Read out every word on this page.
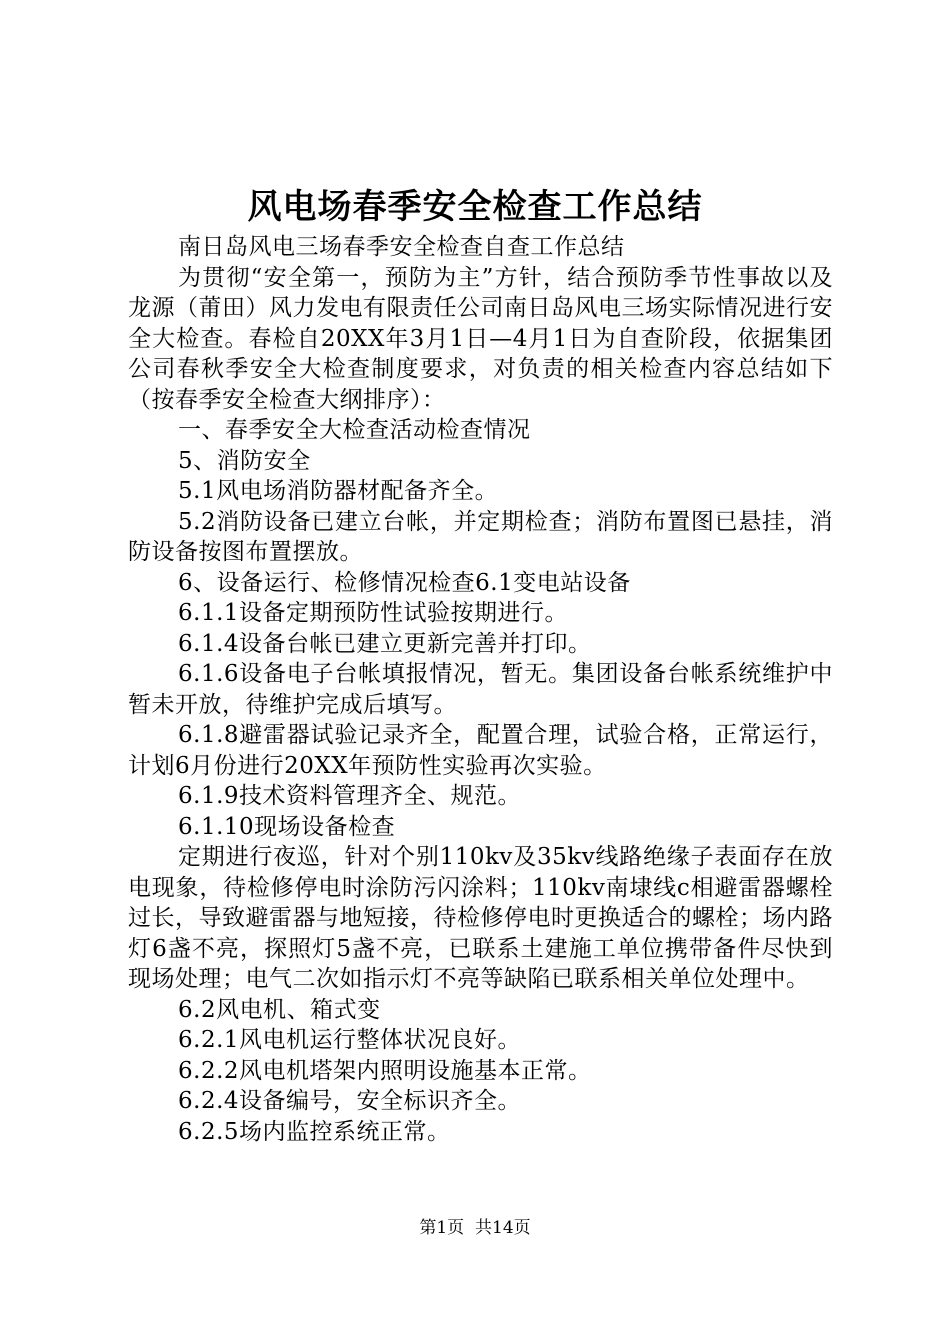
风电场春季安全检查工作总结

南日岛风电三场春季安全检查自查工作总结

为贯彻“安全第一，预防为主”方针，结合预防季节性事故以及龙源（莆田）风力发电有限责任公司南日岛风电三场实际情况进行安全大检查。春检自20XX年3月1日—4月1日为自查阶段，依据集团公司春秋季安全大检查制度要求，对负责的相关检查内容总结如下（按春季安全检查大纲排序）：

一、春季安全大检查活动检查情况

5、消防安全

5.1风电场消防器材配备齐全。

5.2消防设备已建立台帐，并定期检查；消防布置图已悬挂，消防设备按图布置摆放。

6、设备运行、检修情况检查6.1变电站设备

6.1.1设备定期预防性试验按期进行。

6.1.4设备台帐已建立更新完善并打印。

6.1.6设备电子台帐填报情况，暂无。集团设备台帐系统维护中暂未开放，待维护完成后填写。

6.1.8避雷器试验记录齐全，配置合理，试验合格，正常运行，计划6月份进行20XX年预防性实验再次实验。

6.1.9技术资料管理齐全、规范。

6.1.10现场设备检查

定期进行夜巡，针对个别110kv及35kv线路绝缘子表面存在放电现象，待检修停电时涂防污闪涂料；110kv南埭线c相避雷器螺栓过长，导致避雷器与地短接，待检修停电时更换适合的螺栓；场内路灯6盏不亮，探照灯5盏不亮，已联系土建施工单位携带备件尽快到现场处理；电气二次如指示灯不亮等缺陷已联系相关单位处理中。

6.2风电机、箱式变

6.2.1风电机运行整体状况良好。

6.2.2风电机塔架内照明设施基本正常。

6.2.4设备编号，安全标识齐全。

6.2.5场内监控系统正常。

第1页 共14页
